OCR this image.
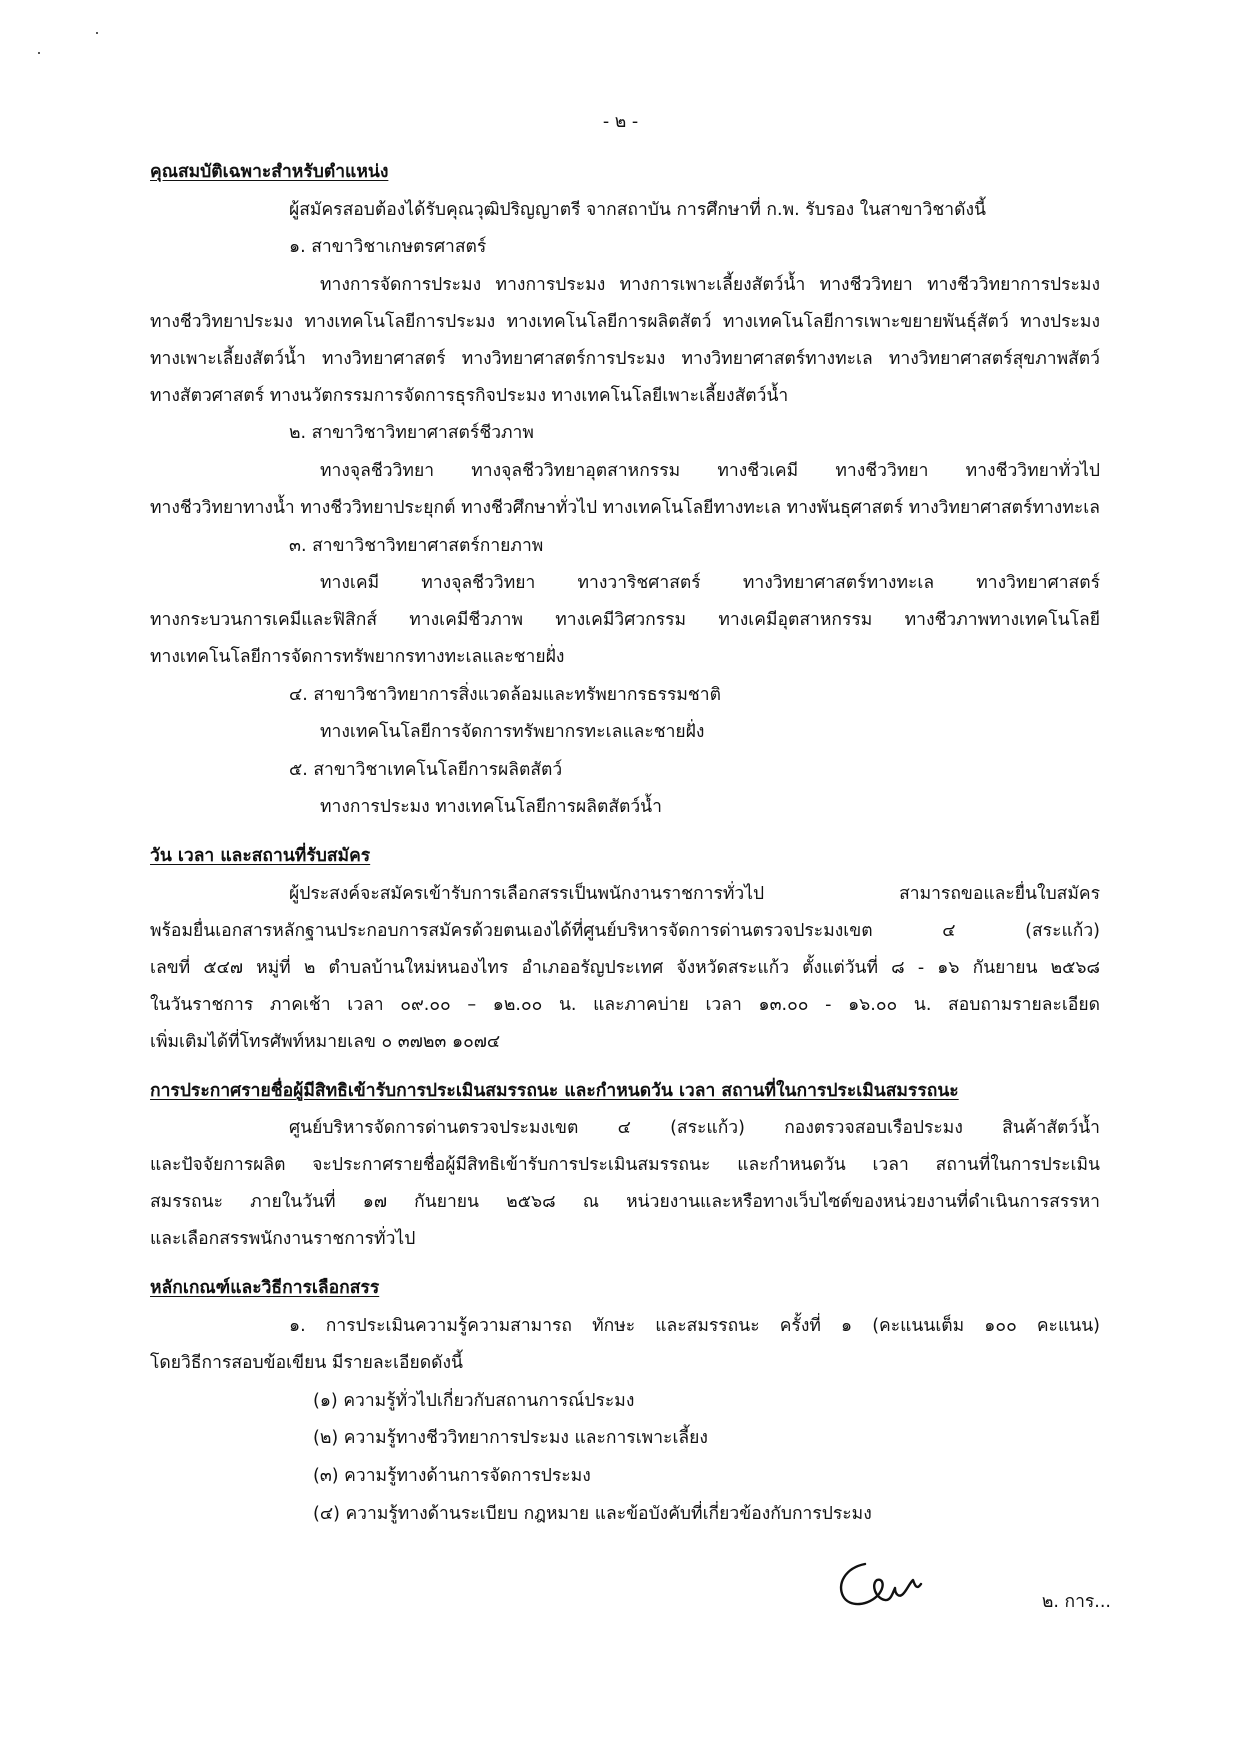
- ๒ -

คุณสมบัติเฉพาะสำหรับตำแหน่ง

ผู้สมัครสอบต้องได้รับคุณวุฒิปริญญาตรี จากสถาบัน การศึกษาที่ ก.พ. รับรอง ในสาขาวิชาดังนี้

๑. สาขาวิชาเกษตรศาสตร์

ทางการจัดการประมง ทางการประมง ทางการเพาะเลี้ยงสัตว์น้ำ ทางชีววิทยา ทางชีววิทยาการประมง

ทางชีววิทยาประมง ทางเทคโนโลยีการประมง ทางเทคโนโลยีการผลิตสัตว์ ทางเทคโนโลยีการเพาะขยายพันธุ์สัตว์ ทางประมง

ทางเพาะเลี้ยงสัตว์น้ำ ทางวิทยาศาสตร์ ทางวิทยาศาสตร์การประมง ทางวิทยาศาสตร์ทางทะเล ทางวิทยาศาสตร์สุขภาพสัตว์

ทางสัตวศาสตร์ ทางนวัตกรรมการจัดการธุรกิจประมง ทางเทคโนโลยีเพาะเลี้ยงสัตว์น้ำ

๒. สาขาวิชาวิทยาศาสตร์ชีวภาพ

ทางจุลชีววิทยา ทางจุลชีววิทยาอุตสาหกรรม ทางชีวเคมี ทางชีววิทยา ทางชีววิทยาทั่วไป

ทางชีววิทยาทางน้ำ ทางชีววิทยาประยุกต์ ทางชีวศึกษาทั่วไป ทางเทคโนโลยีทางทะเล ทางพันธุศาสตร์ ทางวิทยาศาสตร์ทางทะเล

๓. สาขาวิชาวิทยาศาสตร์กายภาพ

ทางเคมี ทางจุลชีววิทยา ทางวาริชศาสตร์ ทางวิทยาศาสตร์ทางทะเล ทางวิทยาศาสตร์

ทางกระบวนการเคมีและฟิสิกส์ ทางเคมีชีวภาพ ทางเคมีวิศวกรรม ทางเคมีอุตสาหกรรม ทางชีวภาพทางเทคโนโลยี

ทางเทคโนโลยีการจัดการทรัพยากรทางทะเลและชายฝั่ง

๔. สาขาวิชาวิทยาการสิ่งแวดล้อมและทรัพยากรธรรมชาติ

ทางเทคโนโลยีการจัดการทรัพยากรทะเลและชายฝั่ง

๕. สาขาวิชาเทคโนโลยีการผลิตสัตว์

ทางการประมง ทางเทคโนโลยีการผลิตสัตว์น้ำ

วัน เวลา และสถานที่รับสมัคร

ผู้ประสงค์จะสมัครเข้ารับการเลือกสรรเป็นพนักงานราชการทั่วไป สามารถขอและยื่นใบสมัคร

พร้อมยื่นเอกสารหลักฐานประกอบการสมัครด้วยตนเองได้ที่ศูนย์บริหารจัดการด่านตรวจประมงเขต ๔ (สระแก้ว)

เลขที่ ๕๔๗ หมู่ที่ ๒ ตำบลบ้านใหม่หนองไทร อำเภออรัญประเทศ จังหวัดสระแก้ว ตั้งแต่วันที่ ๘ - ๑๖ กันยายน ๒๕๖๘

ในวันราชการ ภาคเช้า เวลา ๐๙.๐๐ – ๑๒.๐๐ น. และภาคบ่าย เวลา ๑๓.๐๐ - ๑๖.๐๐ น. สอบถามรายละเอียด

เพิ่มเติมได้ที่โทรศัพท์หมายเลข ๐ ๓๗๒๓ ๑๐๗๔

การประกาศรายชื่อผู้มีสิทธิเข้ารับการประเมินสมรรถนะ และกำหนดวัน เวลา สถานที่ในการประเมินสมรรถนะ

ศูนย์บริหารจัดการด่านตรวจประมงเขต ๔ (สระแก้ว) กองตรวจสอบเรือประมง สินค้าสัตว์น้ำ

และปัจจัยการผลิต จะประกาศรายชื่อผู้มีสิทธิเข้ารับการประเมินสมรรถนะ และกำหนดวัน เวลา สถานที่ในการประเมิน

สมรรถนะ ภายในวันที่ ๑๗ กันยายน ๒๕๖๘ ณ หน่วยงานและหรือทางเว็บไซต์ของหน่วยงานที่ดำเนินการสรรหา

และเลือกสรรพนักงานราชการทั่วไป

หลักเกณฑ์และวิธีการเลือกสรร

๑. การประเมินความรู้ความสามารถ ทักษะ และสมรรถนะ ครั้งที่ ๑ (คะแนนเต็ม ๑๐๐ คะแนน)

โดยวิธีการสอบข้อเขียน มีรายละเอียดดังนี้

(๑) ความรู้ทั่วไปเกี่ยวกับสถานการณ์ประมง

(๒) ความรู้ทางชีววิทยาการประมง และการเพาะเลี้ยง

(๓) ความรู้ทางด้านการจัดการประมง

(๔) ความรู้ทางด้านระเบียบ กฎหมาย และข้อบังคับที่เกี่ยวข้องกับการประมง

๒. การ...
